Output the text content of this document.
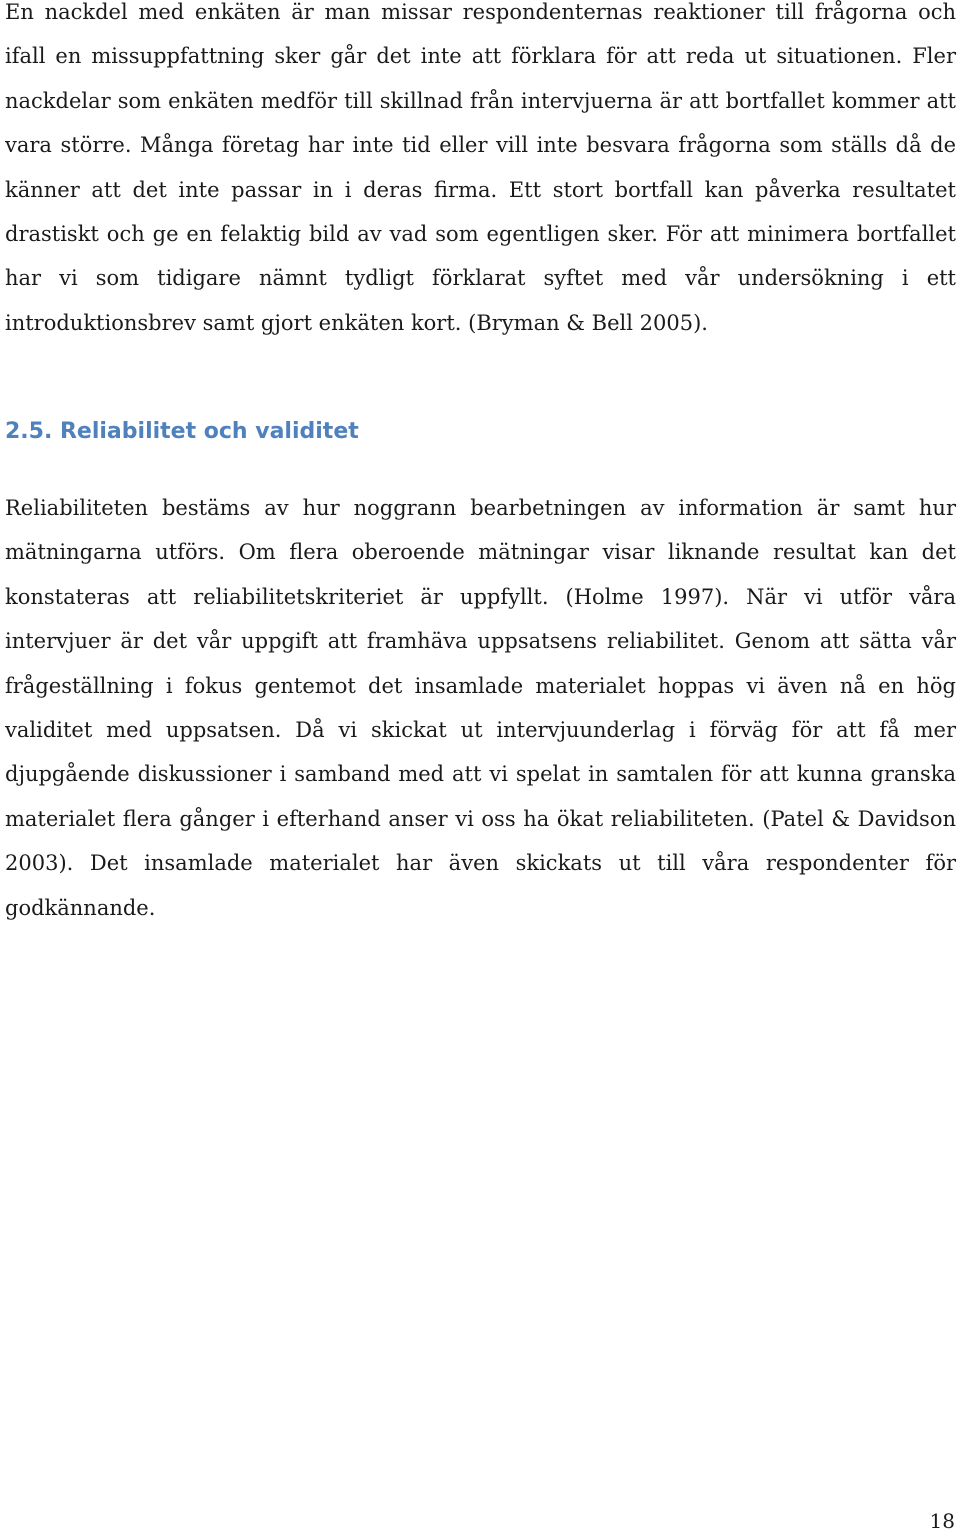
En nackdel med enkäten är man missar respondenternas reaktioner till frågorna och ifall en missuppfattning sker går det inte att förklara för att reda ut situationen. Fler nackdelar som enkäten medför till skillnad från intervjuerna är att bortfallet kommer att vara större. Många företag har inte tid eller vill inte besvara frågorna som ställs då de känner att det inte passar in i deras firma. Ett stort bortfall kan påverka resultatet drastiskt och ge en felaktig bild av vad som egentligen sker. För att minimera bortfallet har vi som tidigare nämnt tydligt förklarat syftet med vår undersökning i ett introduktionsbrev samt gjort enkäten kort. (Bryman & Bell 2005).

2.5. Reliabilitet och validitet

Reliabiliteten bestäms av hur noggrann bearbetningen av information är samt hur mätningarna utförs. Om flera oberoende mätningar visar liknande resultat kan det konstateras att reliabilitetskriteriet är uppfyllt. (Holme 1997). När vi utför våra intervjuer är det vår uppgift att framhäva uppsatsens reliabilitet. Genom att sätta vår frågeställning i fokus gentemot det insamlade materialet hoppas vi även nå en hög validitet med uppsatsen. Då vi skickat ut intervjuunderlag i förväg för att få mer djupgående diskussioner i samband med att vi spelat in samtalen för att kunna granska materialet flera gånger i efterhand anser vi oss ha ökat reliabiliteten. (Patel & Davidson 2003). Det insamlade materialet har även skickats ut till våra respondenter för godkännande.

18
